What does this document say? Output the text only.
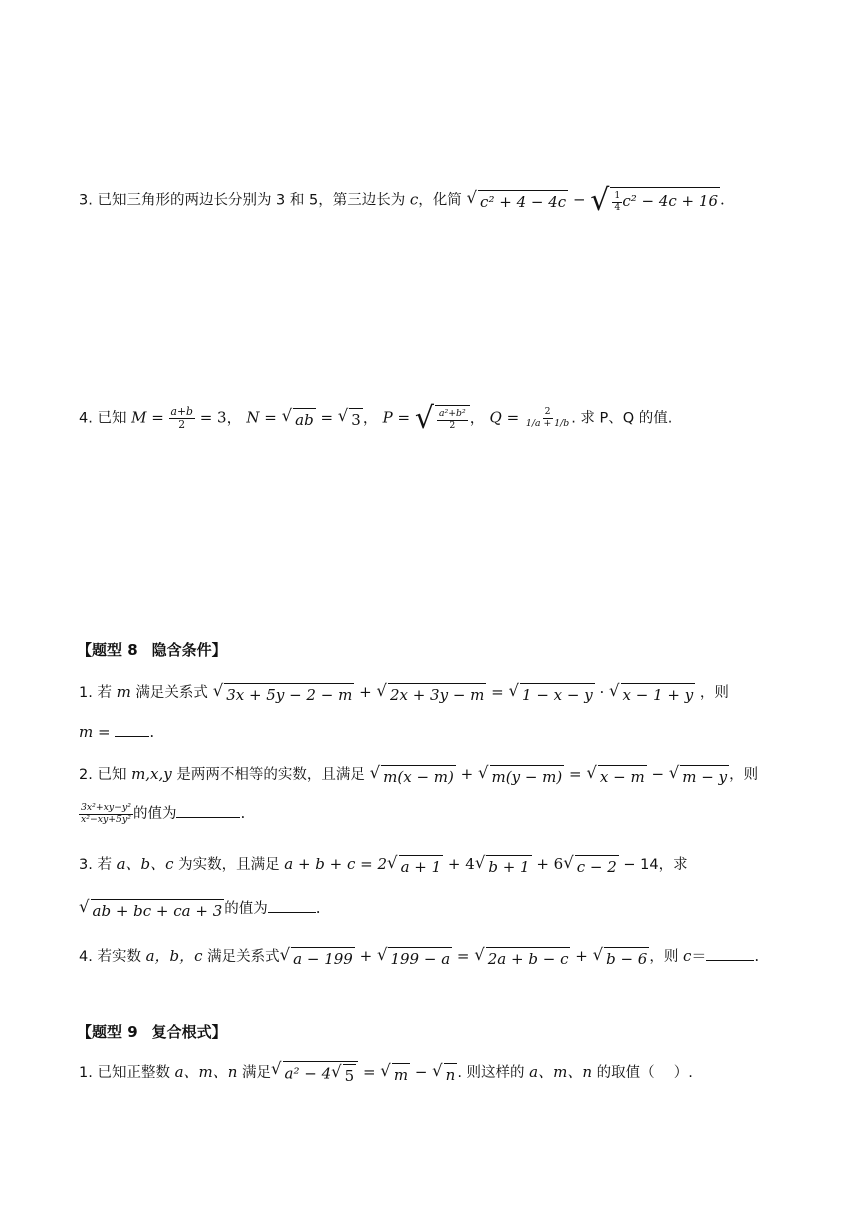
3. 已知三角形的两边长分别为 3 和 5，第三边长为 c，化简 √ c² + 4 − 4c − √ $\frac{1}{4} c^2 - 4c + 16$ .
4. 已知 $M = \frac{a+b}{2} = 3$， N = √ ab = √ 3 ， P = √ $\frac{\text{a²+b²}}{2}$ ， $Q = \frac{2}{1/a + 1/b}$ . 求 P、Q 的值.
【题型 8 隐含条件】
1. 若 m 满足关系式 √ 3x + 5y − 2 − m + √ 2x + 3y − m = √ 1 − x − y · √ x − 1 + y ，则
m = .
2. 已知 m,x,y 是两两不相等的实数，且满足 √ m(x − m) + √ m(y − m) = √ x − m − √ m − y ，则
$\frac{\text{3x²+xy−y²}}{\text{x²−xy+5y²}}$ 的值为	.
3. 若 a、b、c 为实数，且满足 a + b + c = 2 √ a + 1 + 4 √ b + 1 + 6 √ c − 2 − 14，求
√ ab + bc + ca + 3 的值为	.
4. 若实数 a，b，c 满足关系式 √ a − 199 + √ 199 − a = √ 2a + b − c + √ b − 6 ，则 c＝	.
【题型 9 复合根式】
1. 已知正整数 a、m、n 满足 √ a² − 4 √ 5 = √ m − √ n . 则这样的 a、m、n 的取值（　 ）.
